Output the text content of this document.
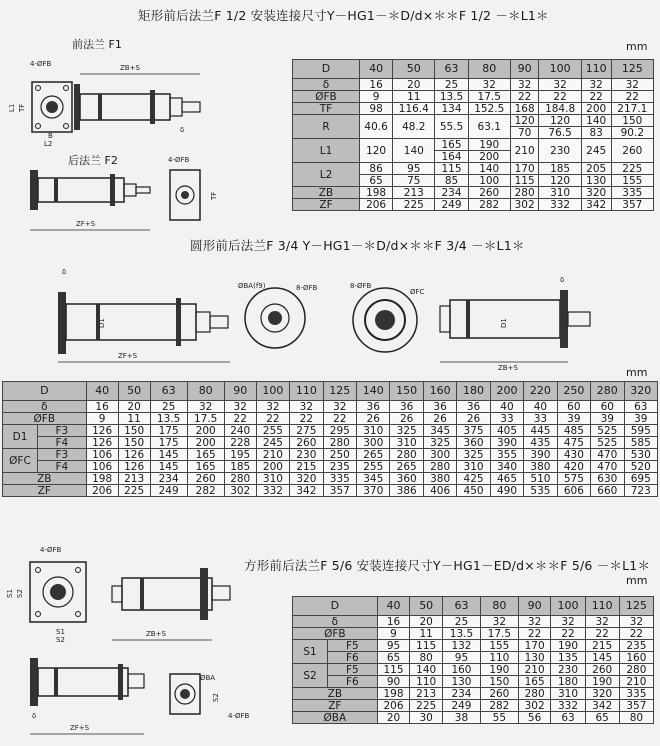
矩形前后法兰F 1/2 安装连接尺寸Y－HG1－＊D/d×＊＊F 1/2 －＊L1＊
前法兰 F1
后法兰 F2
mm
4-ØFB
L1 TF
B
L2
ZB+S
δ
ZF+S
4-ØFB
TF
D	40	50	63	80	90	100	110	125
δ	16	20	25	32	32	32	32	32
ØFB	9	11	13.5	17.5	22	22	22	22
TF	98	116.4	134	152.5	168	184.8	200	217.1
R	40.6	48.2	55.5	63.1	120	120	140	150
					70	76.5	83	90.2
L1	120	140	165	190	210	230	245	260
			164	200				
L2	86	95	115	140	170	185	205	225
	65	75	85	100	115	120	130	155
ZB	198	213	234	260	280	310	320	335
ZF	206	225	249	282	302	332	342	357
圆形前后法兰F 3/4 Y－HG1－＊D/d×＊＊F 3/4 －＊L1＊
δ
D1
ZF+S
ØBA(f9)	8-ØFB	8-ØFB
ØFC
D1
δ
ZB+S	mm
D		40	50	63	80	90	100	110	125	140	150	160	180	200	220	250	280	320
δ		16	20	25	32	32	32	32	32	36	36	36	36	40	40	60	60	63
ØFB		9	11	13.5	17.5	22	22	22	22	26	26	26	26	33	33	39	39	39
D1	F3	126	150	175	200	240	255	275	295	310	325	345	375	405	445	485	525	595
	F4	126	150	175	200	228	245	260	280	300	310	325	360	390	435	475	525	585
ØFC	F3	106	126	145	165	195	210	230	250	265	280	300	325	355	390	430	470	530
	F4	106	126	145	165	185	200	215	235	255	265	280	310	340	380	420	470	520
ZB		198	213	234	260	280	310	320	335	345	360	380	425	465	510	575	630	695
ZF		206	225	249	282	302	332	342	357	370	386	406	450	490	535	606	660	723
方形前后法兰F 5/6 安装连接尺寸Y－HG1－ED/d×＊＊F 5/6 －＊L1＊
mm
4-ØFB
S1 S2
S1
S2
ZB+S
δ
ZF+S
ØBA
S2
4-ØFB
D		40	50	63	80	90	100	110	125
δ		16	20	25	32	32	32	32	32
ØFB		9	11	13.5	17.5	22	22	22	22
S1	F5	95	115	132	155	170	190	215	235
	F6	65	80	95	110	130	135	145	160
S2	F5	115	140	160	190	210	230	260	280
	F6	90	110	130	150	165	180	190	210
ZB		198	213	234	260	280	310	320	335
ZF		206	225	249	282	302	332	342	357
ØBA		20	30	38	55	56	63	65	80
